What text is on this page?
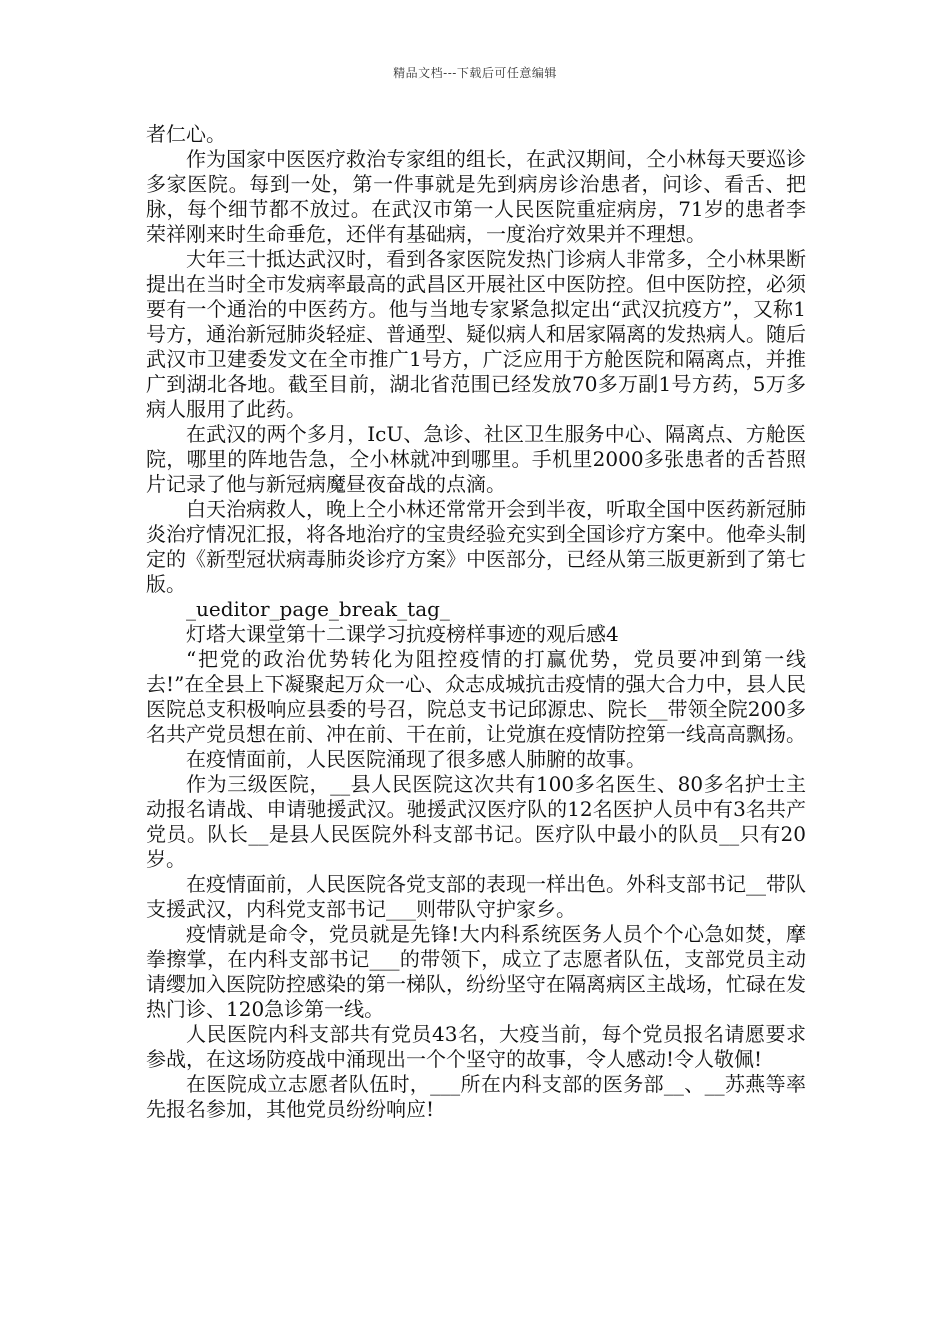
精品文档---下载后可任意编辑

者仁心。

作为国家中医医疗救治专家组的组长，在武汉期间，仝小林每天要巡诊多家医院。每到一处，第一件事就是先到病房诊治患者，问诊、看舌、把脉，每个细节都不放过。在武汉市第一人民医院重症病房，71岁的患者李荣祥刚来时生命垂危，还伴有基础病，一度治疗效果并不理想。

大年三十抵达武汉时，看到各家医院发热门诊病人非常多，仝小林果断提出在当时全市发病率最高的武昌区开展社区中医防控。但中医防控，必须要有一个通治的中医药方。他与当地专家紧急拟定出“武汉抗疫方”，又称1号方，通治新冠肺炎轻症、普通型、疑似病人和居家隔离的发热病人。随后武汉市卫建委发文在全市推广1号方，广泛应用于方舱医院和隔离点，并推广到湖北各地。截至目前，湖北省范围已经发放70多万副1号方药，5万多病人服用了此药。

在武汉的两个多月，IcU、急诊、社区卫生服务中心、隔离点、方舱医院，哪里的阵地告急，仝小林就冲到哪里。手机里2000多张患者的舌苔照片记录了他与新冠病魔昼夜奋战的点滴。

白天治病救人，晚上仝小林还常常开会到半夜，听取全国中医药新冠肺炎治疗情况汇报，将各地治疗的宝贵经验充实到全国诊疗方案中。他牵头制定的《新型冠状病毒肺炎诊疗方案》中医部分，已经从第三版更新到了第七版。

_ueditor_page_break_tag_

灯塔大课堂第十二课学习抗疫榜样事迹的观后感4

“把党的政治优势转化为阻控疫情的打赢优势，党员要冲到第一线去!”在全县上下凝聚起万众一心、众志成城抗击疫情的强大合力中，县人民医院总支积极响应县委的号召，院总支书记邱源忠、院长__带领全院200多名共产党员想在前、冲在前、干在前，让党旗在疫情防控第一线高高飘扬。

在疫情面前，人民医院涌现了很多感人肺腑的故事。

作为三级医院，__县人民医院这次共有100多名医生、80多名护士主动报名请战、申请驰援武汉。驰援武汉医疗队的12名医护人员中有3名共产党员。队长__是县人民医院外科支部书记。医疗队中最小的队员__只有20岁。

在疫情面前，人民医院各党支部的表现一样出色。外科支部书记__带队支援武汉，内科党支部书记___则带队守护家乡。

疫情就是命令，党员就是先锋!大内科系统医务人员个个心急如焚，摩拳擦掌，在内科支部书记___的带领下，成立了志愿者队伍，支部党员主动请缨加入医院防控感染的第一梯队，纷纷坚守在隔离病区主战场，忙碌在发热门诊、120急诊第一线。

人民医院内科支部共有党员43名，大疫当前，每个党员报名请愿要求参战，在这场防疫战中涌现出一个个坚守的故事，令人感动!令人敬佩!

在医院成立志愿者队伍时，___所在内科支部的医务部__、__苏燕等率先报名参加，其他党员纷纷响应!
